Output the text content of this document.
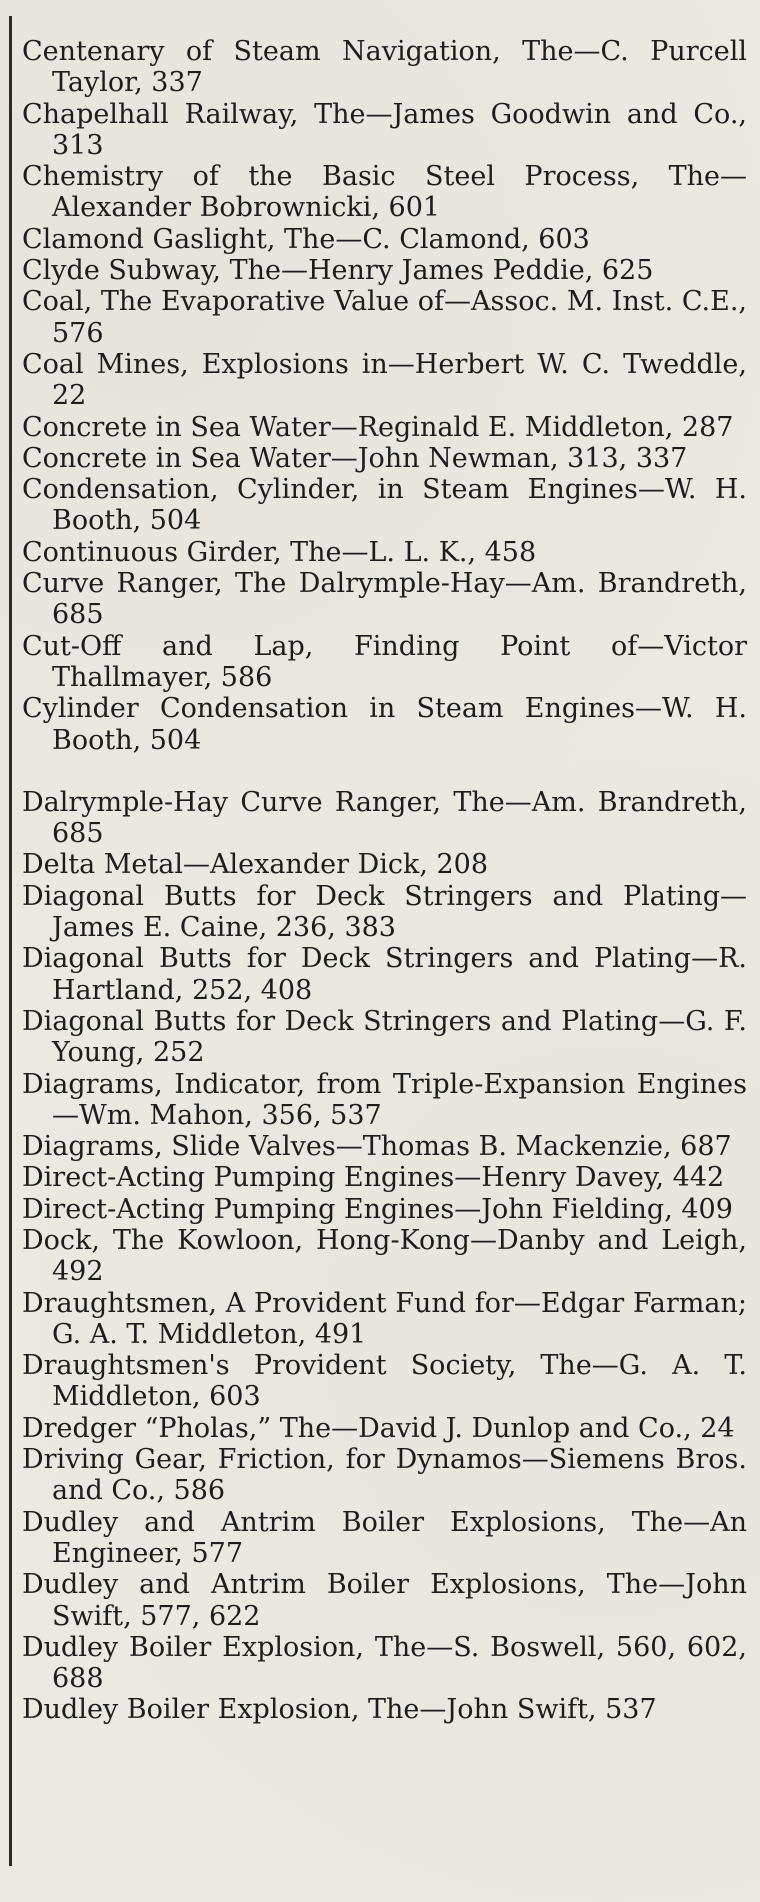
Centenary of Steam Navigation, The—C. Purcell Taylor, 337

Chapelhall Railway, The—James Goodwin and Co., 313

Chemistry of the Basic Steel Process, The—Alexander Bobrownicki, 601

Clamond Gaslight, The—C. Clamond, 603

Clyde Subway, The—Henry James Peddie, 625

Coal, The Evaporative Value of—Assoc. M. Inst. C.E., 576

Coal Mines, Explosions in—Herbert W. C. Tweddle, 22

Concrete in Sea Water—Reginald E. Middleton, 287

Concrete in Sea Water—John Newman, 313, 337

Condensation, Cylinder, in Steam Engines—W. H. Booth, 504

Continuous Girder, The—L. L. K., 458

Curve Ranger, The Dalrymple-Hay—Am. Brandreth, 685

Cut-Off and Lap, Finding Point of—Victor Thallmayer, 586

Cylinder Condensation in Steam Engines—W. H. Booth, 504

Dalrymple-Hay Curve Ranger, The—Am. Brandreth, 685

Delta Metal—Alexander Dick, 208

Diagonal Butts for Deck Stringers and Plating—James E. Caine, 236, 383

Diagonal Butts for Deck Stringers and Plating—R. Hartland, 252, 408

Diagonal Butts for Deck Stringers and Plating—G. F. Young, 252

Diagrams, Indicator, from Triple-Expansion Engines—Wm. Mahon, 356, 537

Diagrams, Slide Valves—Thomas B. Mackenzie, 687

Direct-Acting Pumping Engines—Henry Davey, 442

Direct-Acting Pumping Engines—John Fielding, 409

Dock, The Kowloon, Hong-Kong—Danby and Leigh, 492

Draughtsmen, A Provident Fund for—Edgar Farman; G. A. T. Middleton, 491

Draughtsmen's Provident Society, The—G. A. T. Middleton, 603

Dredger “Pholas,” The—David J. Dunlop and Co., 24

Driving Gear, Friction, for Dynamos—Siemens Bros. and Co., 586

Dudley and Antrim Boiler Explosions, The—An Engineer, 577

Dudley and Antrim Boiler Explosions, The—John Swift, 577, 622

Dudley Boiler Explosion, The—S. Boswell, 560, 602, 688

Dudley Boiler Explosion, The—John Swift, 537
